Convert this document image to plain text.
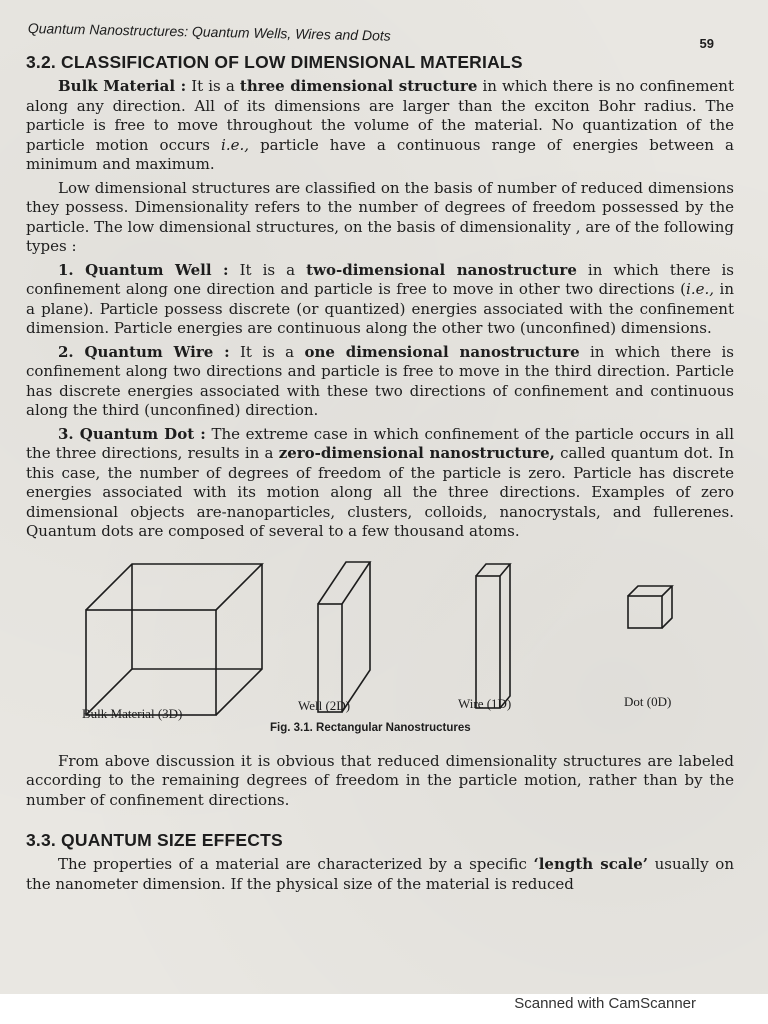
Quantum Nanostructures: Quantum Wells, Wires and Dots	59
3.2. CLASSIFICATION OF LOW DIMENSIONAL MATERIALS

Bulk Material : It is a three dimensional structure in which there is no confinement along any direction. All of its dimensions are larger than the exciton Bohr radius. The particle is free to move throughout the volume of the material. No quantization of the particle motion occurs i.e., particle have a continuous range of energies between a minimum and maximum.

Low dimensional structures are classified on the basis of number of reduced dimensions they possess. Dimensionality refers to the number of degrees of freedom possessed by the particle. The low dimensional structures, on the basis of dimensionality , are of the following types :

1. Quantum Well : It is a two-dimensional nanostructure in which there is confinement along one direction and particle is free to move in other two directions (i.e., in a plane). Particle possess discrete (or quantized) energies associated with the confinement dimension. Particle energies are continuous along the other two (unconfined) dimensions.

2. Quantum Wire : It is a one dimensional nanostructure in which there is confinement along two directions and particle is free to move in the third direction. Particle has discrete energies associated with these two directions of confinement and continuous along the third (unconfined) direction.

3. Quantum Dot : The extreme case in which confinement of the particle occurs in all the three directions, results in a zero-dimensional nanostructure, called quantum dot. In this case, the number of degrees of freedom of the particle is zero. Particle has discrete energies associated with its motion along all the three directions. Examples of zero dimensional objects are-nanoparticles, clusters, colloids, nanocrystals, and fullerenes. Quantum dots are composed of several to a few thousand atoms.

Bulk Material (3D)
Well (2D)	Wire (1D)	Dot (0D)
Fig. 3.1. Rectangular Nanostructures

From above discussion it is obvious that reduced dimensionality structures are labeled according to the remaining degrees of freedom in the particle motion, rather than by the number of confinement directions.

3.3. QUANTUM SIZE EFFECTS

The properties of a material are characterized by a specific ‘length scale’ usually on the nanometer dimension. If the physical size of the material is reduced

Scanned with CamScanner
